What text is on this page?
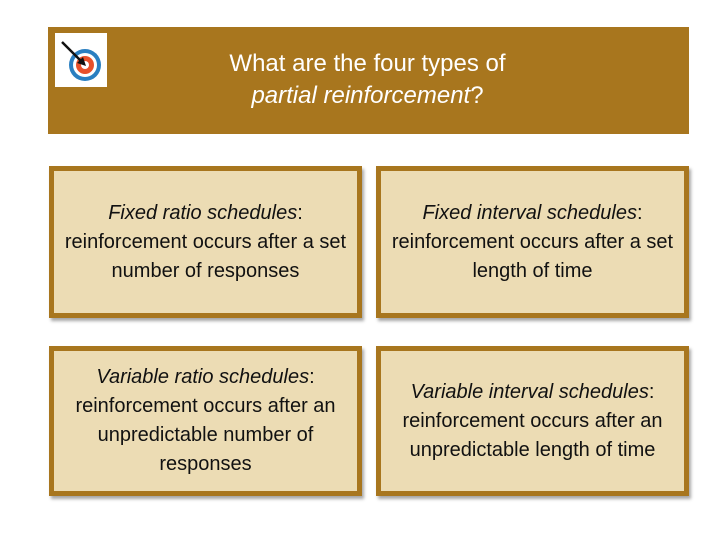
What are the four types of
partial reinforcement?
Fixed ratio schedules: reinforcement occurs after a set number of responses
Fixed interval schedules: reinforcement occurs after a set length of time
Variable ratio schedules: reinforcement occurs after an unpredictable number of responses
Variable interval schedules: reinforcement occurs after an unpredictable length of time
